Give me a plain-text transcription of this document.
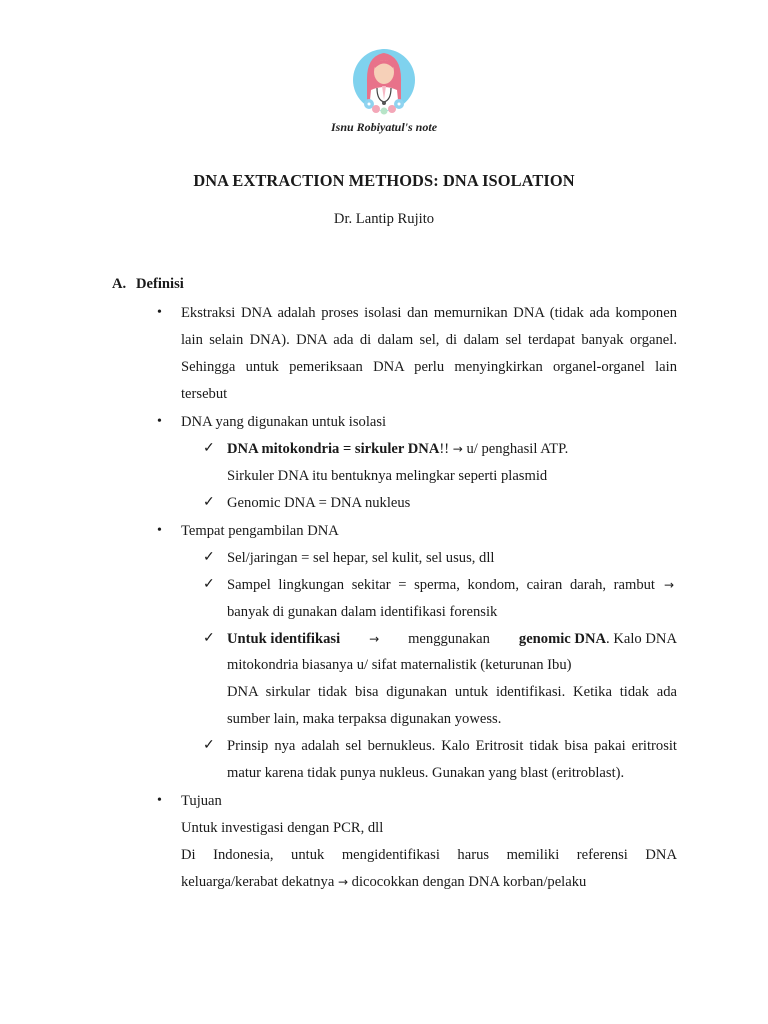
Isnu Robiyatul's note
DNA EXTRACTION METHODS: DNA ISOLATION
Dr. Lantip Rujito
A. Definisi
• Ekstraksi DNA adalah proses isolasi dan memurnikan DNA (tidak ada komponen
lain selain DNA). DNA ada di dalam sel, di dalam sel terdapat banyak organel.
Sehingga untuk pemeriksaan DNA perlu menyingkirkan organel-organel lain
tersebut
• DNA yang digunakan untuk isolasi
✓ DNA mitokondria = sirkuler DNA!! → u/ penghasil ATP.
Sirkuler DNA itu bentuknya melingkar seperti plasmid
✓ Genomic DNA = DNA nukleus
• Tempat pengambilan DNA
✓ Sel/jaringan = sel hepar, sel kulit, sel usus, dll
✓ Sampel lingkungan sekitar = sperma, kondom, cairan darah, rambut →
banyak di gunakan dalam identifikasi forensik
✓ Untuk identifikasi → menggunakan genomic DNA. Kalo DNA
mitokondria biasanya u/ sifat maternalistik (keturunan Ibu)
DNA sirkular tidak bisa digunakan untuk identifikasi. Ketika tidak ada
sumber lain, maka terpaksa digunakan yowess.
✓ Prinsip nya adalah sel bernukleus. Kalo Eritrosit tidak bisa pakai eritrosit
matur karena tidak punya nukleus. Gunakan yang blast (eritroblast).
• Tujuan
Untuk investigasi dengan PCR, dll
Di Indonesia, untuk mengidentifikasi harus memiliki referensi DNA
keluarga/kerabat dekatnya → dicocokkan dengan DNA korban/pelaku
